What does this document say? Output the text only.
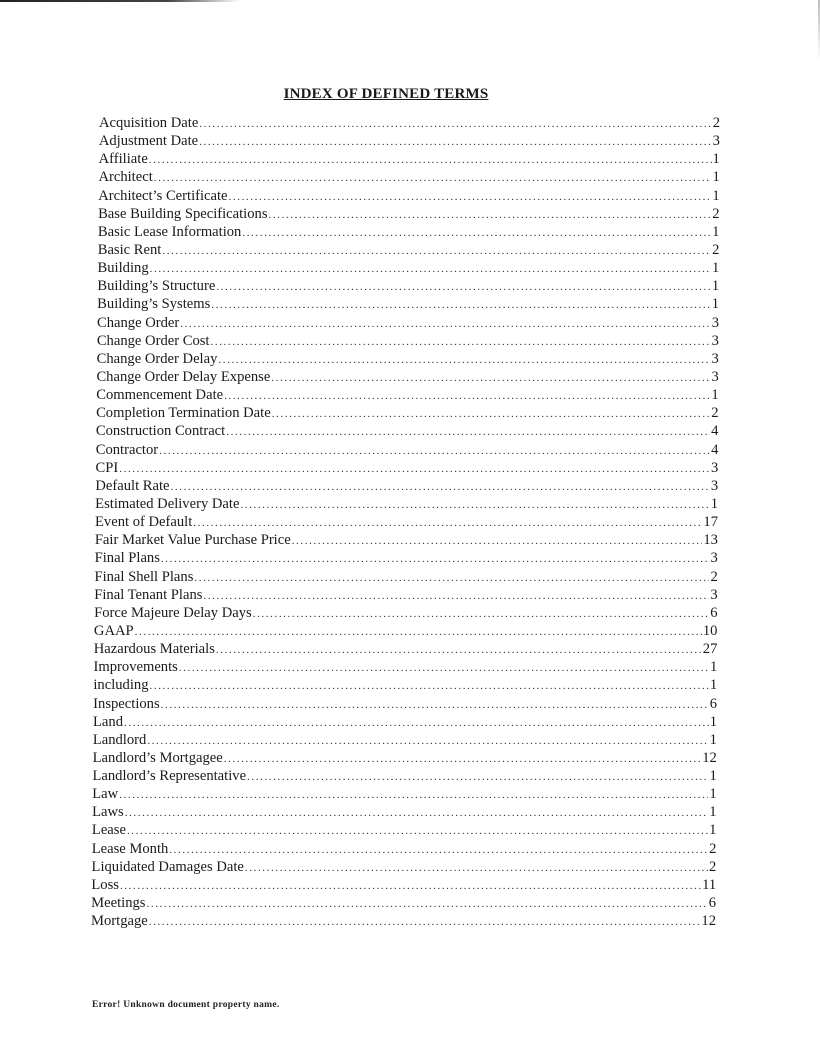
INDEX OF DEFINED TERMS
Acquisition Date .....	2
Adjustment Date .....	3
Affiliate .....	1
Architect .....	1
Architect’s Certificate .....	1
Base Building Specifications .....	2
Basic Lease Information .....	1
Basic Rent .....	2
Building .....	1
Building’s Structure .....	1
Building’s Systems .....	1
Change Order .....	3
Change Order Cost .....	3
Change Order Delay .....	3
Change Order Delay Expense .....	3
Commencement Date .....	1
Completion Termination Date .....	2
Construction Contract .....	4
Contractor .....	4
CPI .....	3
Default Rate .....	3
Estimated Delivery Date .....	1
Event of Default .....	17
Fair Market Value Purchase Price .....	13
Final Plans .....	3
Final Shell Plans .....	2
Final Tenant Plans .....	3
Force Majeure Delay Days .....	6
GAAP .....	10
Hazardous Materials .....	27
Improvements .....	1
including .....	1
Inspections .....	6
Land .....	1
Landlord .....	1
Landlord’s Mortgagee .....	12
Landlord’s Representative .....	1
Law .....	1
Laws .....	1
Lease .....	1
Lease Month .....	2
Liquidated Damages Date .....	2
Loss .....	11
Meetings .....	6
Mortgage .....	12
Error! Unknown document property name.
